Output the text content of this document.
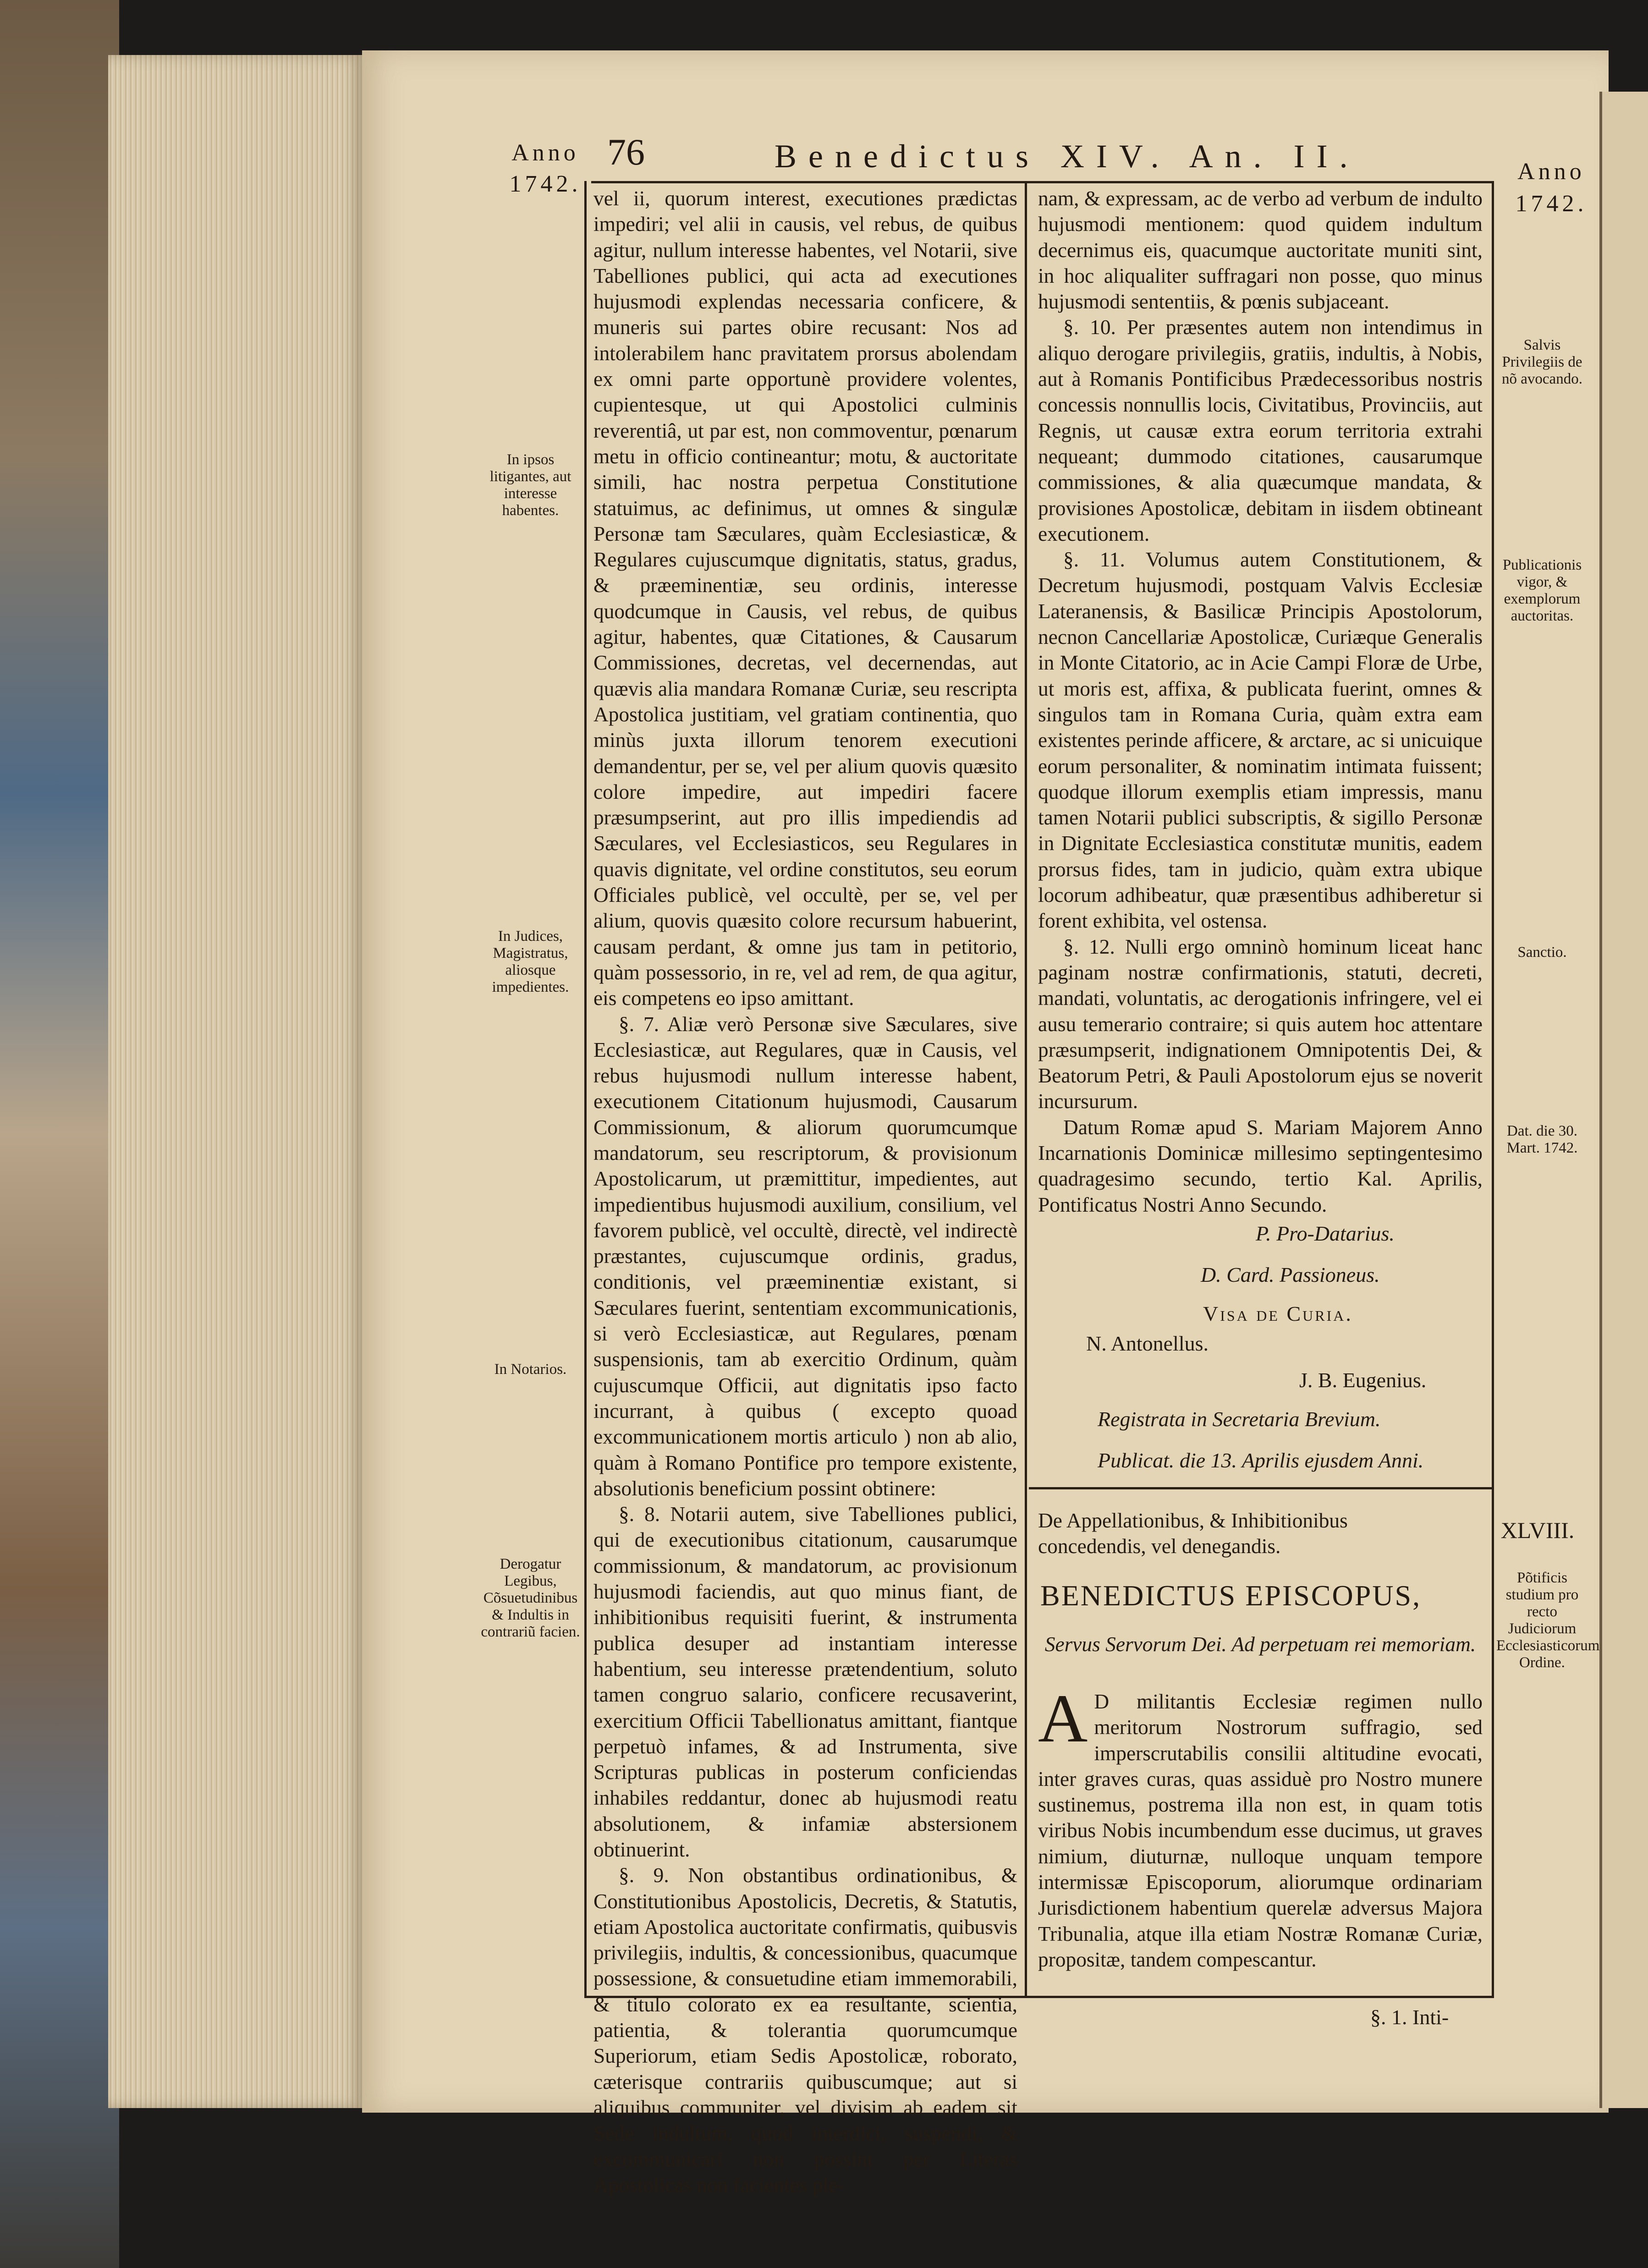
Anno 1742.
76	Benedictus XIV. An. II.	Anno 1742.
In ipsos litigantes, aut interesse habentes.
In Judices, Magistratus, aliosque impedientes.
In Notarios.
Derogatur Legibus, Cõsuetudinibus & Indultis in contrariũ facien.

vel ii, quorum interest, executiones prædictas impediri; vel alii in causis, vel rebus, de quibus agitur, nullum interesse habentes, vel Notarii, sive Tabelliones publici, qui acta ad executiones hujusmodi explendas necessaria conficere, & muneris sui partes obire recusant: Nos ad intolerabilem hanc pravitatem prorsus abolendam ex omni parte opportunè providere volentes, cupientesque, ut qui Apostolici culminis reverentiâ, ut par est, non commoventur, pœnarum metu in officio contineantur; motu, & auctoritate simili, hac nostra perpetua Constitutione statuimus, ac definimus, ut omnes & singulæ Personæ tam Sæculares, quàm Ecclesiasticæ, & Regulares cujuscumque dignitatis, status, gradus, & præeminentiæ, seu ordinis, interesse quodcumque in Causis, vel rebus, de quibus agitur, habentes, quæ Citationes, & Causarum Commissiones, decretas, vel decernendas, aut quævis alia mandara Romanæ Curiæ, seu rescripta Apostolica justitiam, vel gratiam continentia, quo minùs juxta illorum tenorem executioni demandentur, per se, vel per alium quovis quæsito colore impedire, aut impediri facere præsumpserint, aut pro illis impediendis ad Sæculares, vel Ecclesiasticos, seu Regulares in quavis dignitate, vel ordine constitutos, seu eorum Officiales publicè, vel occultè, per se, vel per alium, quovis quæsito colore recursum habuerint, causam perdant, & omne jus tam in petitorio, quàm possessorio, in re, vel ad rem, de qua agitur, eis competens eo ipso amittant.

§. 7. Aliæ verò Personæ sive Sæculares, sive Ecclesiasticæ, aut Regulares, quæ in Causis, vel rebus hujusmodi nullum interesse habent, executionem Citationum hujusmodi, Causarum Commissionum, & aliorum quorumcumque mandatorum, seu rescriptorum, & provisionum Apostolicarum, ut præmittitur, impedientes, aut impedientibus hujusmodi auxilium, consilium, vel favorem publicè, vel occultè, directè, vel indirectè præstantes, cujuscumque ordinis, gradus, conditionis, vel præeminentiæ existant, si Sæculares fuerint, sententiam excommunicationis, si verò Ecclesiasticæ, aut Regulares, pœnam suspensionis, tam ab exercitio Ordinum, quàm cujuscumque Officii, aut dignitatis ipso facto incurrant, à quibus ( excepto quoad excommunicationem mortis articulo ) non ab alio, quàm à Romano Pontifice pro tempore existente, absolutionis beneficium possint obtinere:

§. 8. Notarii autem, sive Tabelliones publici, qui de executionibus citationum, causarumque commissionum, & mandatorum, ac provisionum hujusmodi faciendis, aut quo minus fiant, de inhibitionibus requisiti fuerint, & instrumenta publica desuper ad instantiam interesse habentium, seu interesse prætendentium, soluto tamen congruo salario, conficere recusaverint, exercitium Officii Tabellionatus amittant, fiantque perpetuò infames, & ad Instrumenta, sive Scripturas publicas in posterum conficiendas inhabiles reddantur, donec ab hujusmodi reatu absolutionem, & infamiæ abstersionem obtinuerint.

§. 9. Non obstantibus ordinationibus, & Constitutionibus Apostolicis, Decretis, & Statutis, etiam Apostolica auctoritate confirmatis, quibusvis privilegiis, indultis, & concessionibus, quacumque possessione, & consuetudine etiam immemorabili, & titulo colorato ex ea resultante, scientia, patientia, & tolerantia quorumcumque Superiorum, etiam Sedis Apostolicæ, roborato, cæterisque contrariis quibuscumque; aut si aliquibus communiter, vel divisim ab eadem sit Sede indultum, quod interdici, suspendi, & excommunicari non possint per Literas Apostolicas non facientes ple-

nam, & expressam, ac de verbo ad verbum de indulto hujusmodi mentionem: quod quidem indultum decernimus eis, quacumque auctoritate muniti sint, in hoc aliqualiter suffragari non posse, quo minus hujusmodi sententiis, & pœnis subjaceant.

§. 10. Per præsentes autem non intendimus in aliquo derogare privilegiis, gratiis, indultis, à Nobis, aut à Romanis Pontificibus Prædecessoribus nostris concessis nonnullis locis, Civitatibus, Provinciis, aut Regnis, ut causæ extra eorum territoria extrahi nequeant; dummodo citationes, causarumque commissiones, & alia quæcumque mandata, & provisiones Apostolicæ, debitam in iisdem obtineant executionem.

§. 11. Volumus autem Constitutionem, & Decretum hujusmodi, postquam Valvis Ecclesiæ Lateranensis, & Basilicæ Principis Apostolorum, necnon Cancellariæ Apostolicæ, Curiæque Generalis in Monte Citatorio, ac in Acie Campi Floræ de Urbe, ut moris est, affixa, & publicata fuerint, omnes & singulos tam in Romana Curia, quàm extra eam existentes perinde afficere, & arctare, ac si unicuique eorum personaliter, & nominatim intimata fuissent; quodque illorum exemplis etiam impressis, manu tamen Notarii publici subscriptis, & sigillo Personæ in Dignitate Ecclesiastica constitutæ munitis, eadem prorsus fides, tam in judicio, quàm extra ubique locorum adhibeatur, quæ præsentibus adhiberetur si forent exhibita, vel ostensa.

§. 12. Nulli ergo omninò hominum liceat hanc paginam nostræ confirmationis, statuti, decreti, mandati, voluntatis, ac derogationis infringere, vel ei ausu temerario contraire; si quis autem hoc attentare præsumpserit, indignationem Omnipotentis Dei, & Beatorum Petri, & Pauli Apostolorum ejus se noverit incursurum.

Datum Romæ apud S. Mariam Majorem Anno Incarnationis Dominicæ millesimo septingentesimo quadragesimo secundo, tertio Kal. Aprilis, Pontificatus Nostri Anno Secundo.

P. Pro-Datarius.
D. Card. Passioneus.
Visa de Curia.
N. Antonellus.
J. B. Eugenius.
Registrata in Secretaria Brevium.
Publicat. die 13. Aprilis ejusdem Anni.

De Appellationibus, & Inhibitionibus concedendis, vel denegandis.

XLVIII.
BENEDICTUS EPISCOPUS,

Servus Servorum Dei. Ad perpetuam rei memoriam.

A D militantis Ecclesiæ regimen nullo meritorum Nostrorum suffragio, sed imperscrutabilis consilii altitudine evocati, inter graves curas, quas assiduè pro Nostro munere sustinemus, postrema illa non est, in quam totis viribus Nobis incumbendum esse ducimus, ut graves nimium, diuturnæ, nulloque unquam tempore intermissæ Episcoporum, aliorumque ordinariam Jurisdictionem habentium querelæ adversus Majora Tribunalia, atque illa etiam Nostræ Romanæ Curiæ, propositæ, tandem compescantur.

§. 1. Inti-
Salvis Privilegiis de nõ avocando.
Publicationis vigor, & exemplorum auctoritas.
Sanctio.
Dat. die 30. Mart. 1742.
Põtificis studium pro recto Judiciorum Ecclesiasticorum Ordine.
